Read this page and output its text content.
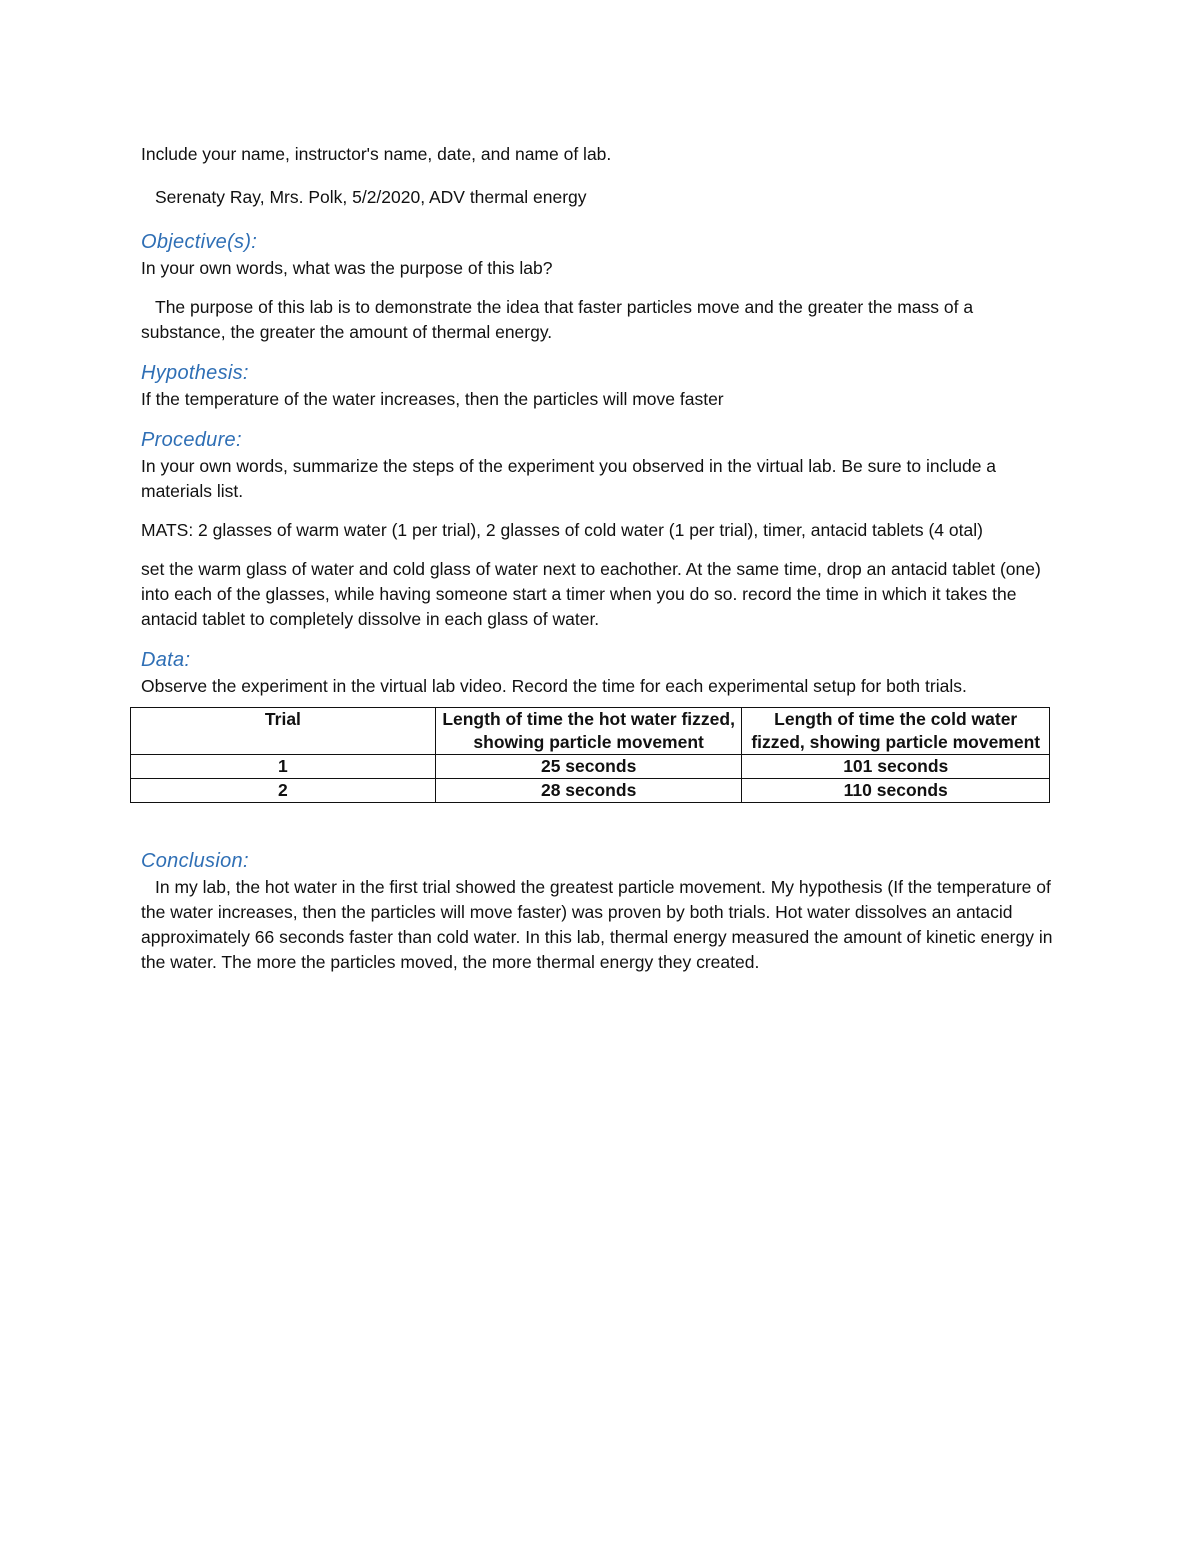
Include your name, instructor's name, date, and name of lab.

Serenaty Ray, Mrs. Polk, 5/2/2020, ADV thermal energy

Objective(s):

In your own words, what was the purpose of this lab?

The purpose of this lab is to demonstrate the idea that faster particles move and the greater the mass of a substance, the greater the amount of thermal energy.

Hypothesis:

If the temperature of the water increases, then the particles will move faster

Procedure:

In your own words, summarize the steps of the experiment you observed in the virtual lab. Be sure to include a materials list.

MATS: 2 glasses of warm water (1 per trial), 2 glasses of cold water (1 per trial), timer, antacid tablets (4 otal)

set the warm glass of water and cold glass of water next to eachother. At the same time, drop an antacid tablet (one) into each of the glasses, while having someone start a timer when you do so. record the time in which it takes the antacid tablet to completely dissolve in each glass of water.

Data:

Observe the experiment in the virtual lab video. Record the time for each experimental setup for both trials.

Trial	Length of time the hot water fizzed, showing particle movement	Length of time the cold water fizzed, showing particle movement
1	25 seconds	101 seconds
2	28 seconds	110 seconds

Conclusion:

In my lab, the hot water in the first trial showed the greatest particle movement. My hypothesis (If the temperature of the water increases, then the particles will move faster) was proven by both trials. Hot water dissolves an antacid approximately 66 seconds faster than cold water. In this lab, thermal energy measured the amount of kinetic energy in the water. The more the particles moved, the more thermal energy they created.
